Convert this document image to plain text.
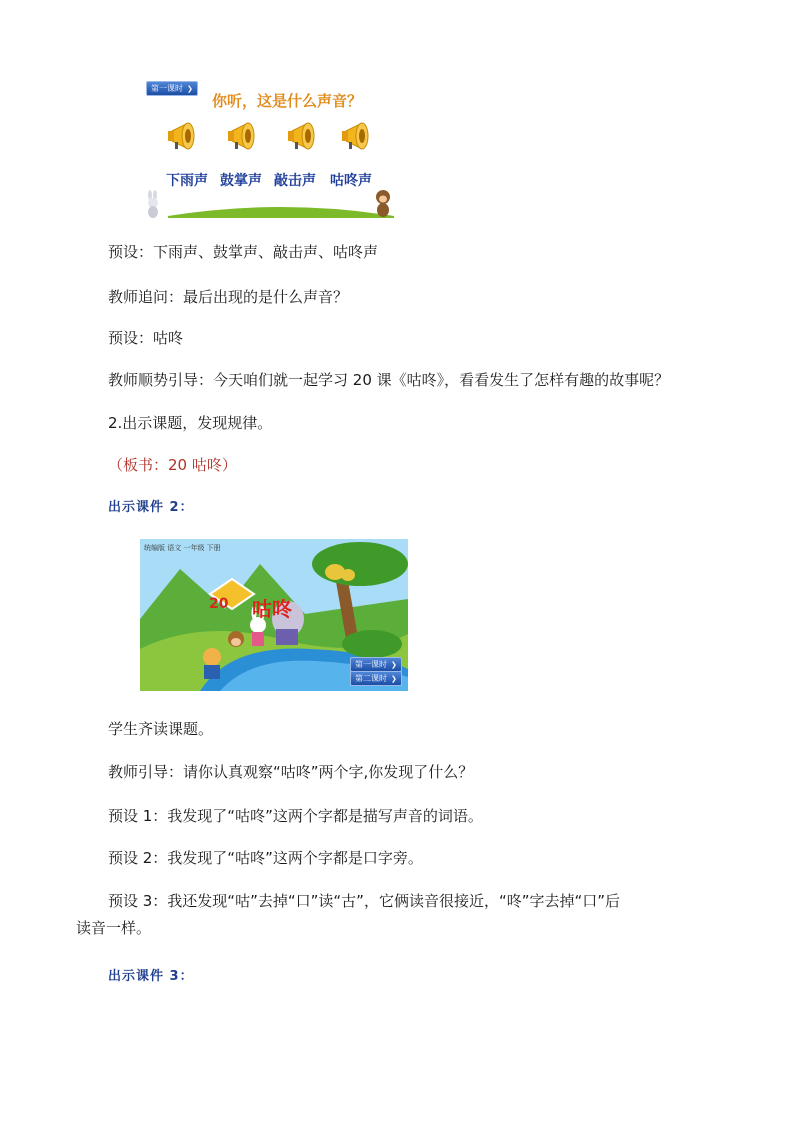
第一课时 ❯
你听，这是什么声音？
下雨声 鼓掌声 敲击声 咕咚声
预设：下雨声、鼓掌声、敲击声、咕咚声
教师追问：最后出现的是什么声音？
预设：咕咚
教师顺势引导：今天咱们就一起学习 20 课《咕咚》，看看发生了怎样有趣的故事呢？
2.出示课题，发现规律。
（板书：20 咕咚）
出示课件 2：
统编版 语文 一年级 下册
20 咕咚
第一课时 ❯
第二课时 ❯
学生齐读课题。
教师引导：请你认真观察“咕咚”两个字,你发现了什么？
预设 1：我发现了“咕咚”这两个字都是描写声音的词语。
预设 2：我发现了“咕咚”这两个字都是口字旁。
预设 3：我还发现“咕”去掉“口”读“古”，它俩读音很接近，“咚”字去掉“口”后
读音一样。
出示课件 3：
